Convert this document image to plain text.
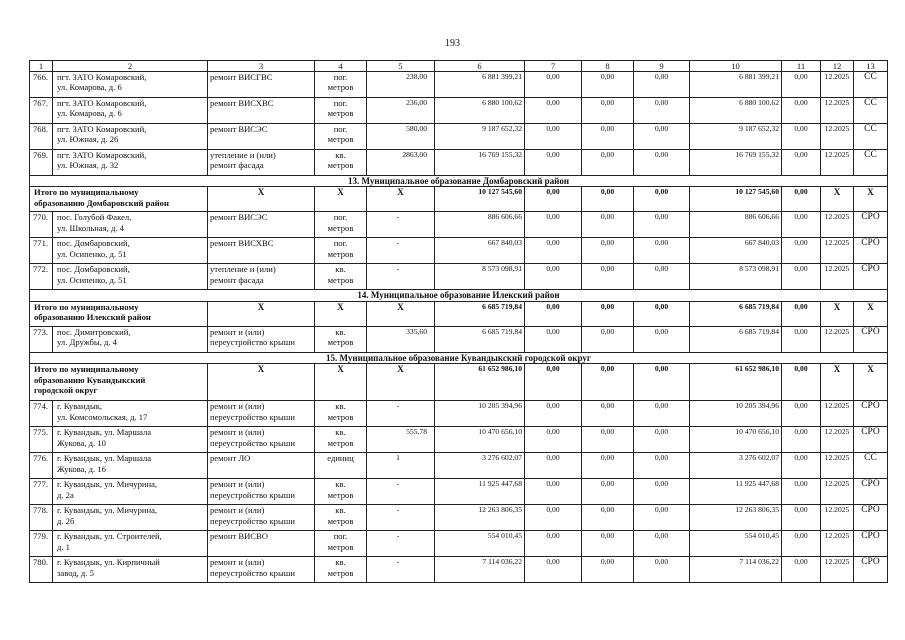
193
1	2	3	4	5	6	7	8	9	10	11	12	13
766.	пгт. ЗАТО Комаровский,
ул. Комарова, д. 6	ремонт ВИСГВС	пог.
метров	238,00	6 881 399,21	0,00	0,00	0,00	6 881 399,21	0,00	12.2025	СС
767.	пгт. ЗАТО Комаровский,
ул. Комарова, д. 6	ремонт ВИСХВС	пог.
метров	236,00	6 880 100,62	0,00	0,00	0,00	6 880 100,62	0,00	12.2025	СС
768.	пгт. ЗАТО Комаровский,
ул. Южная, д. 26	ремонт ВИСЭС	пог.
метров	580,00	9 187 652,32	0,00	0,00	0,00	9 187 652,32	0,00	12.2025	СС
769.	пгт. ЗАТО Комаровский,
ул. Южная, д. 32	утепление и (или)
ремонт фасада	кв.
метров	2863,00	16 769 155,32	0,00	0,00	0,00	16 769 155,32	0,00	12.2025	СС
13. Муниципальное образование Домбаровский район												
Итого по муниципальному
образованию Домбаровский район		X	X	X	10 127 545,60	0,00	0,00	0,00	10 127 545,60	0,00	X	X
770.	пос. Голубой Факел,
ул. Школьная, д. 4	ремонт ВИСЭС	пог.
метров	-	886 606,66	0,00	0,00	0,00	886 606,66	0,00	12.2025	СРО
771.	пос. Домбаровский,
ул. Осипенко, д. 51	ремонт ВИСХВС	пог.
метров	-	667 840,03	0,00	0,00	0,00	667 840,03	0,00	12.2025	СРО
772.	пос. Домбаровский,
ул. Осипенко, д. 51	утепление и (или)
ремонт фасада	кв.
метров	-	8 573 098,91	0,00	0,00	0,00	8 573 098,91	0,00	12.2025	СРО
14. Муниципальное образование Илекский район												
Итого по муниципальному
образованию Илекский район		X	X	X	6 685 719,84	0,00	0,00	0,00	6 685 719,84	0,00	X	X
773.	пос. Димитровский,
ул. Дружбы, д. 4	ремонт и (или)
переустройство крыши	кв.
метров	335,60	6 685 719,84	0,00	0,00	0,00	6 685 719,84	0,00	12.2025	СРО
15. Муниципальное образование Кувандыкский городской округ												
Итого по муниципальному
образованию Кувандыкский
городской округ		X	X	X	61 652 986,10	0,00	0,00	0,00	61 652 986,10	0,00	X	X
774.	г. Кувандык,
ул. Комсомольская, д. 17	ремонт и (или)
переустройство крыши	кв.
метров	-	10 205 394,96	0,00	0,00	0,00	10 205 394,96	0,00	12.2025	СРО
775.	г. Кувандык, ул. Маршала
Жукова, д. 10	ремонт и (или)
переустройство крыши	кв.
метров	555,78	10 470 656,10	0,00	0,00	0,00	10 470 656,10	0,00	12.2025	СРО
776.	г. Кувандык, ул. Маршала
Жукова, д. 16	ремонт ЛО	единиц	1	3 276 602,07	0,00	0,00	0,00	3 276 602,07	0,00	12.2025	СС
777.	г. Кувандык, ул. Мичурина,
д. 2а	ремонт и (или)
переустройство крыши	кв.
метров	-	11 925 447,68	0,00	0,00	0,00	11 925 447,68	0,00	12.2025	СРО
778.	г. Кувандык, ул. Мичурина,
д. 2б	ремонт и (или)
переустройство крыши	кв.
метров	-	12 263 806,35	0,00	0,00	0,00	12 263 806,35	0,00	12.2025	СРО
779.	г. Кувандык, ул. Строителей,
д. 1	ремонт ВИСВО	пог.
метров	-	554 010,45	0,00	0,00	0,00	554 010,45	0,00	12.2025	СРО
780.	г. Кувандык, ул. Кирпичный
завод, д. 5	ремонт и (или)
переустройство крыши	кв.
метров	-	7 114 036,22	0,00	0,00	0,00	7 114 036,22	0,00	12.2025	СРО
